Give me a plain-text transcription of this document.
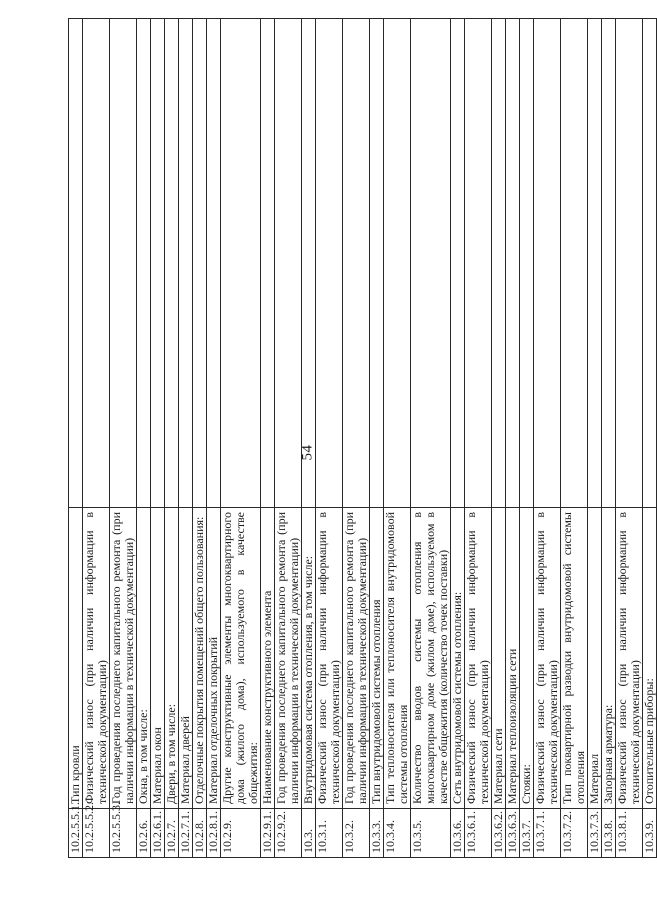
54
10.2.5.5.1.	Тип кровли	
10.2.5.5.2.	Физический износ (при наличии информации в технической документации)	
10.2.5.5.3.	Год проведения последнего капитального ремонта (при наличии информации в технической документации)	
10.2.6.	Окна, в том числе:	
10.2.6.1.	Материал окон	
10.2.7.	Двери, в том числе:	
10.2.7.1.	Материал дверей	
10.2.8.	Отделочные покрытия помещений общего пользования:	
10.2.8.1.	Материал отделочных покрытий	
10.2.9.	Другие конструктивные элементы многоквартирного дома (жилого дома), используемого в качестве общежития:	
10.2.9.1.	Наименование конструктивного элемента	
10.2.9.2.	Год проведения последнего капитального ремонта (при наличии информации в технической документации)	
10.3.	Внутридомовая система отопления, в том числе:	
10.3.1.	Физический износ (при наличии информации в технической документации)	
10.3.2.	Год проведения последнего капитального ремонта (при наличии информации в технической документации)	
10.3.3.	Тип внутридомовой системы отопления	
10.3.4.	Тип теплоносителя или теплоносителя внутридомовой системы отопления	
10.3.5.	Количество вводов системы отопления в многоквартирном доме (жилом доме), используемом в качестве общежития (количество точек поставки)	
10.3.6.	Сеть внутридомовой системы отопления:	
10.3.6.1.	Физический износ (при наличии информации в технической документации)	
10.3.6.2.	Материал сети	
10.3.6.3.	Материал теплоизоляции сети	
10.3.7.	Стояки:	
10.3.7.1.	Физический износ (при наличии информации в технической документации)	
10.3.7.2.	Тип поквартирной разводки внутридомовой системы отопления	
10.3.7.3.	Материал	
10.3.8.	Запорная арматура:	
10.3.8.1.	Физический износ (при наличии информации в технической документации)	
10.3.9.	Отопительные приборы:	
